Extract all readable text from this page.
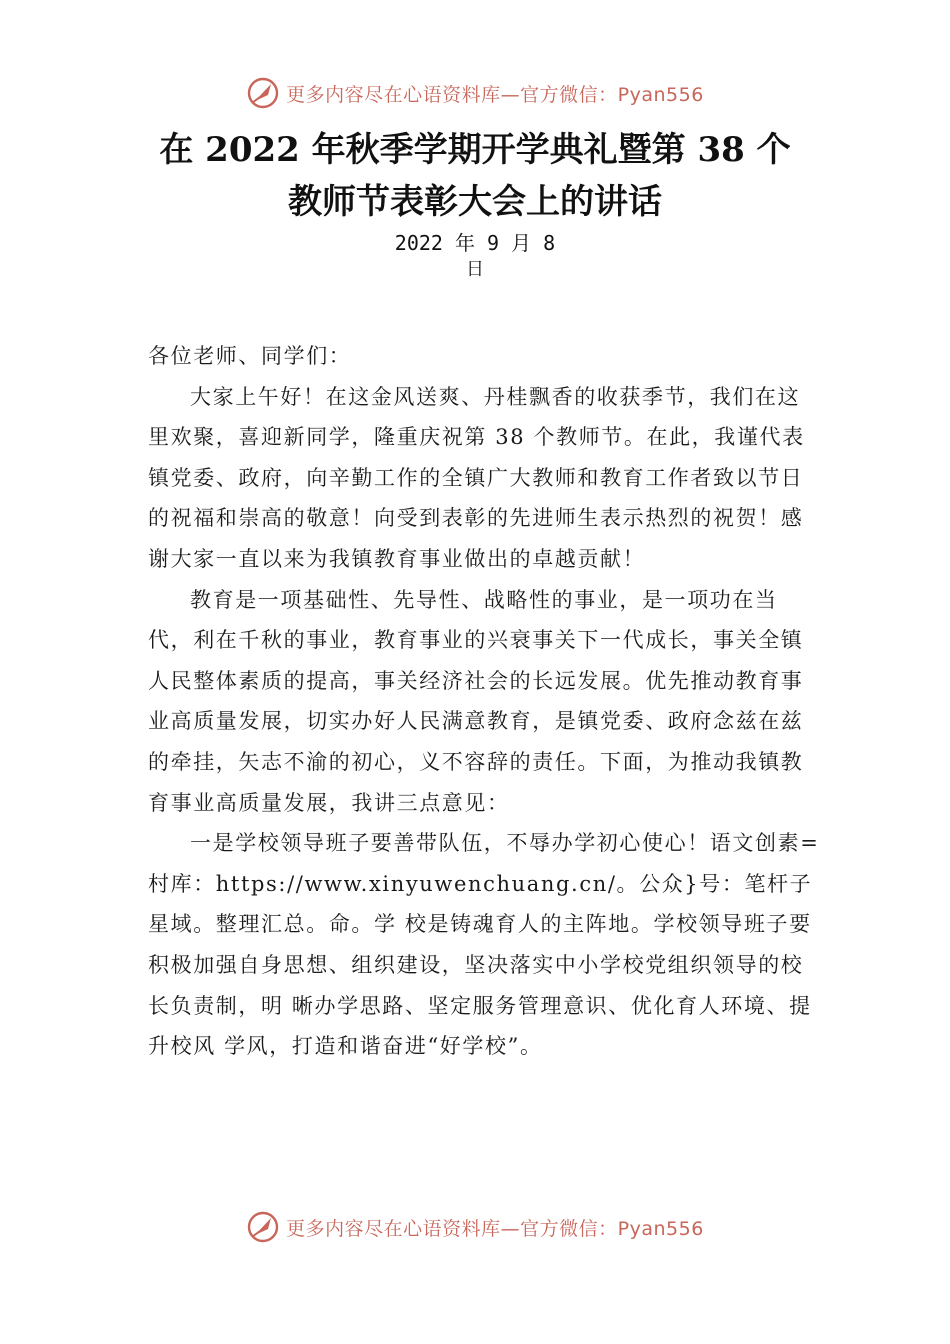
更多内容尽在心语资料库—官方微信：Pyan556
在 2022 年秋季学期开学典礼暨第 38 个
教师节表彰大会上的讲话
2022 年 9 月 8
日

各位老师、同学们：

大家上午好！在这金风送爽、丹桂飘香的收获季节，我们在这里欢聚，喜迎新同学，隆重庆祝第 38 个教师节。在此，我谨代表镇党委、政府，向辛勤工作的全镇广大教师和教育工作者致以节日的祝福和崇高的敬意！向受到表彰的先进师生表示热烈的祝贺！感谢大家一直以来为我镇教育事业做出的卓越贡献！

教育是一项基础性、先导性、战略性的事业，是一项功在当代，利在千秋的事业，教育事业的兴衰事关下一代成长，事关全镇人民整体素质的提高，事关经济社会的长远发展。优先推动教育事业高质量发展，切实办好人民满意教育，是镇党委、政府念兹在兹的牵挂，矢志不渝的初心，义不容辞的责任。下面，为推动我镇教育事业高质量发展，我讲三点意见：

一是学校领导班子要善带队伍，不辱办学初心使心！语文创素=村库：https://www.xinyuwenchuang.cn/。公众}号：笔杆子星域。整理汇总。命。学 校是铸魂育人的主阵地。学校领导班子要积极加强自身思想、组织建设，坚决落实中小学校党组织领导的校长负责制，明 晰办学思路、坚定服务管理意识、优化育人环境、提升校风 学风，打造和谐奋进“好学校”。

更多内容尽在心语资料库—官方微信：Pyan556
